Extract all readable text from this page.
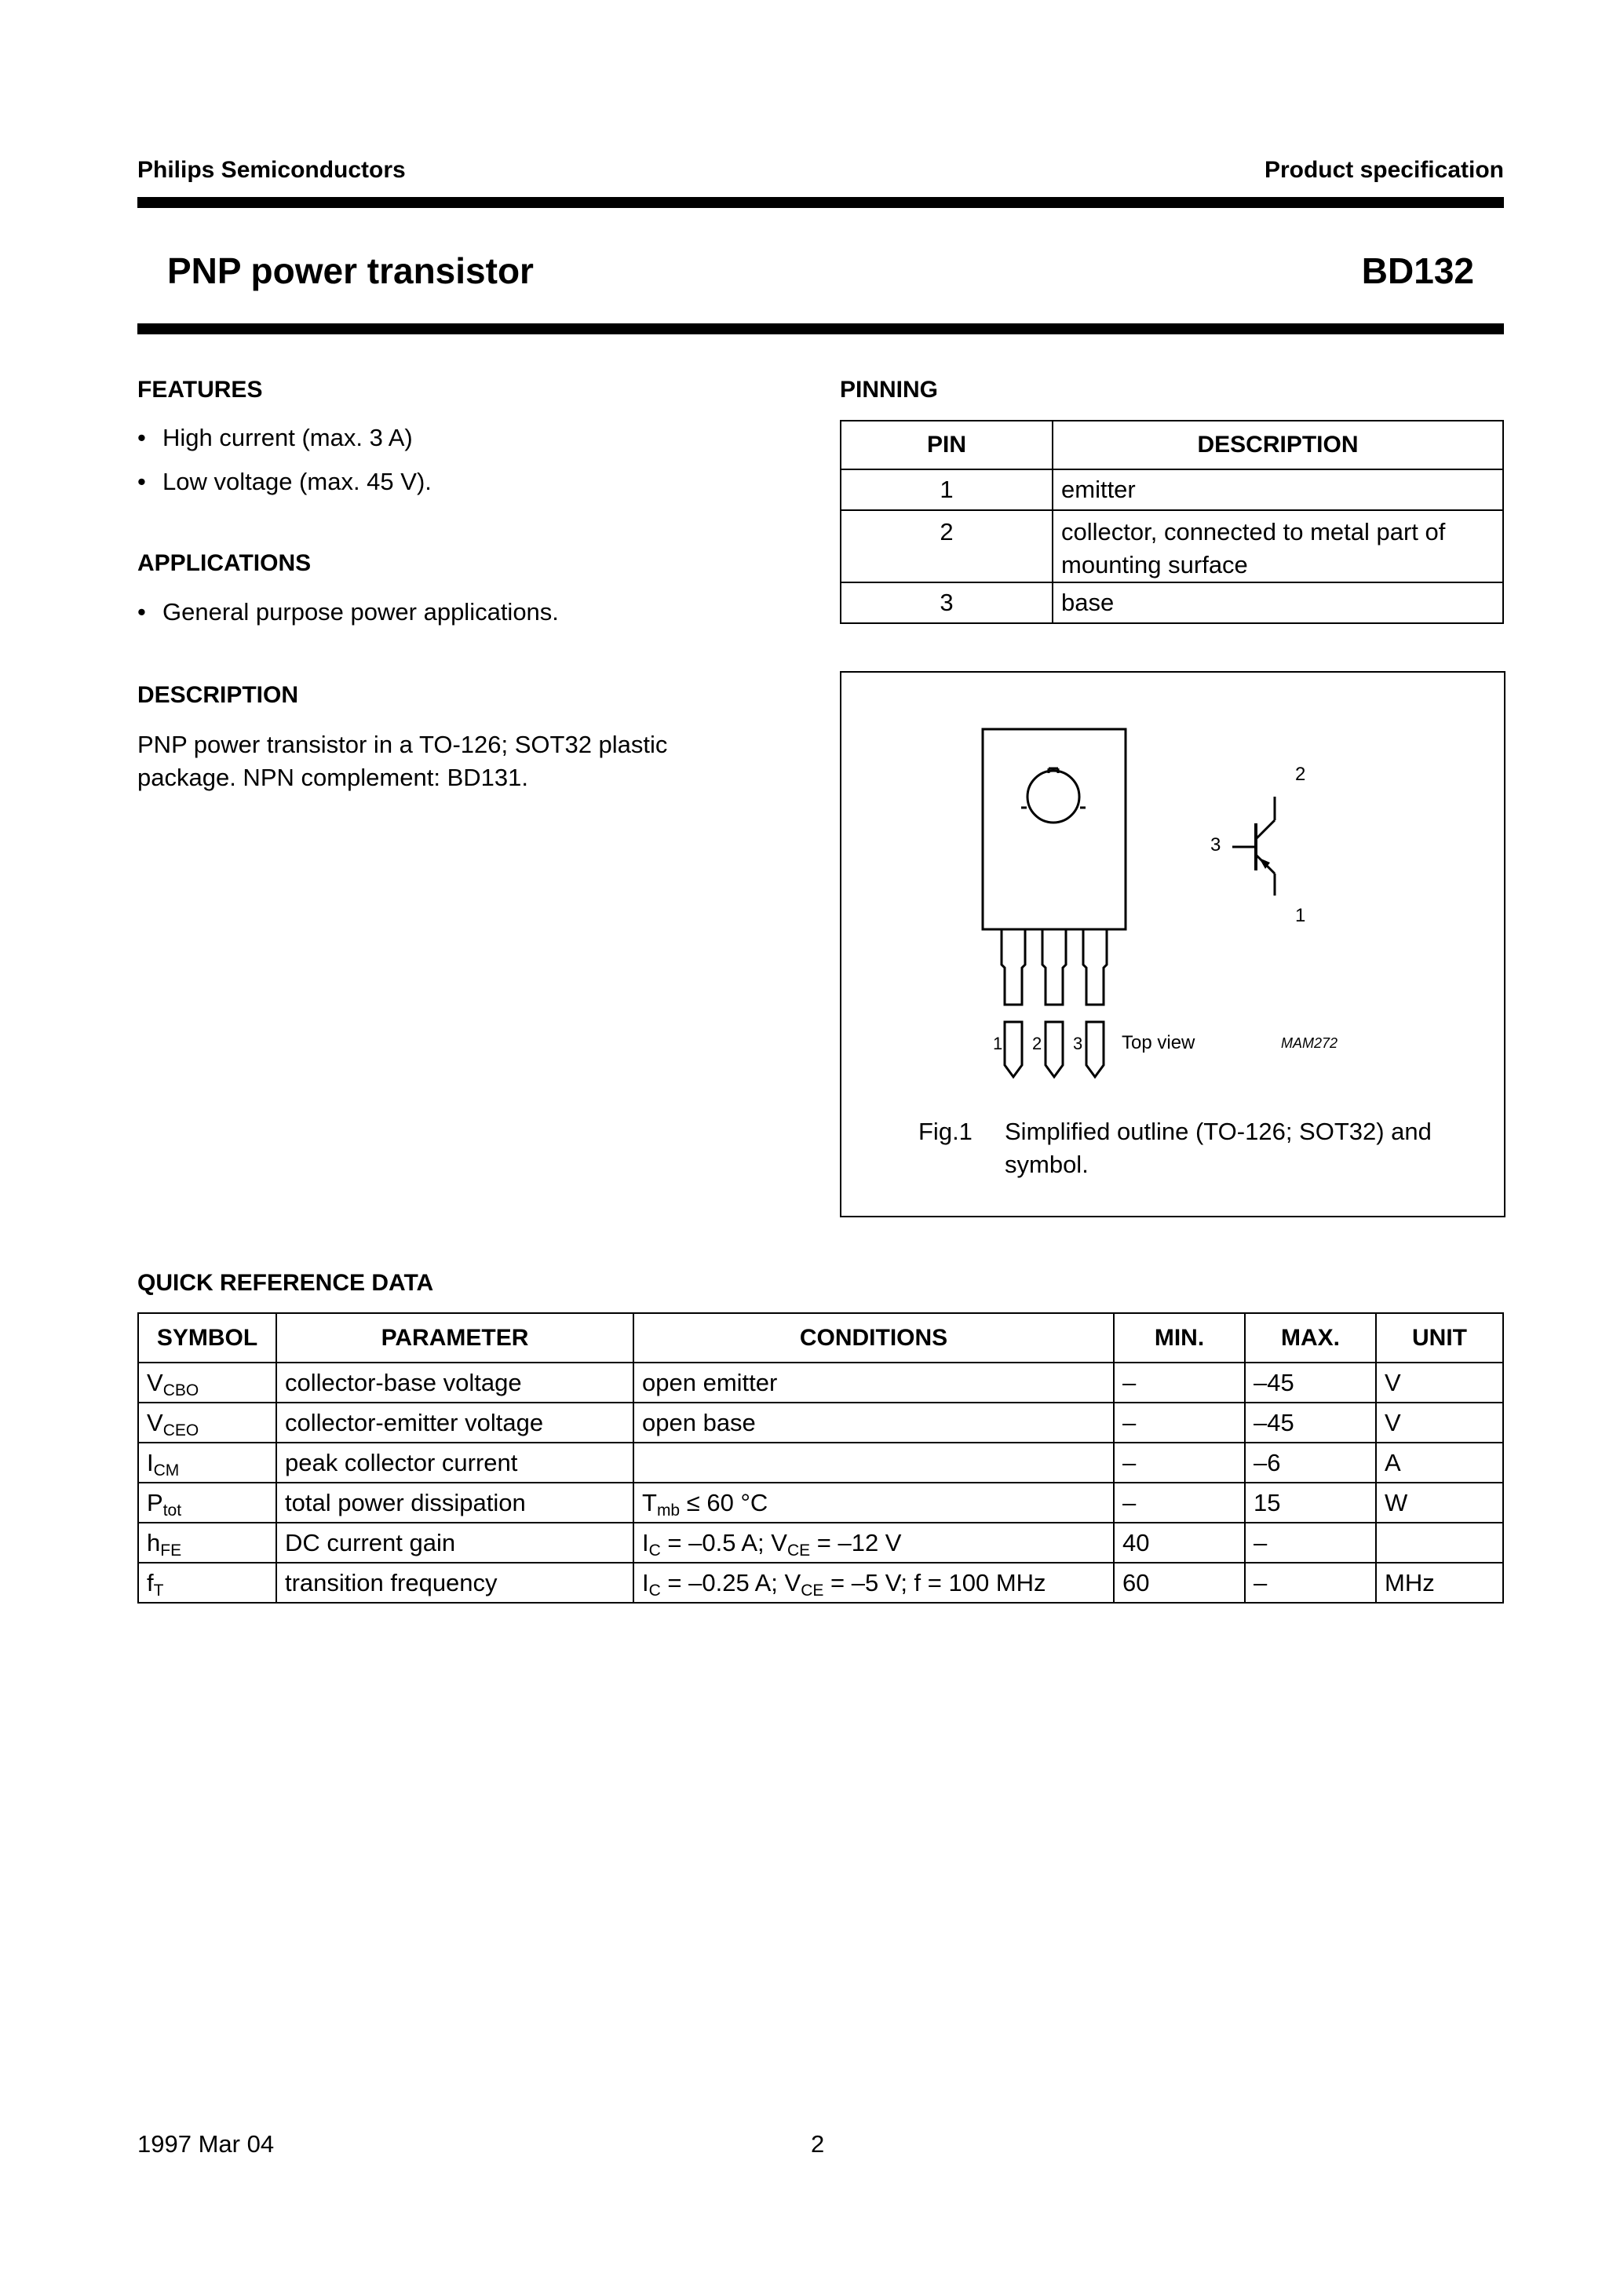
Philips Semiconductors	Product specification
PNP power transistor	BD132
FEATURES
• High current (max. 3 A)
• Low voltage (max. 45 V).
APPLICATIONS
• General purpose power applications.
DESCRIPTION
PNP power transistor in a TO-126; SOT32 plastic package. NPN complement: BD131.
PINNING
PIN	DESCRIPTION
1	emitter
2	collector, connected to metal part of mounting surface
3	base
1 2 3 Top view	MAM272
2
3
1
Fig.1 Simplified outline (TO-126; SOT32) and symbol.
QUICK REFERENCE DATA
SYMBOL	PARAMETER	CONDITIONS	MIN.	MAX.	UNIT
$V_{CBO}$	collector-base voltage	open emitter	–	–45	V
$V_{CEO}$	collector-emitter voltage	open base	–	–45	V
$I_{CM}$	peak collector current		–	–6	A
$P_{tot}$	total power dissipation	$T_{mb} \le 60$ °C	–	15	W
$h_{FE}$	DC current gain	$I_C = -0.5$ A; $V_{CE} = -12$ V	40	–	
$f_T$	transition frequency	$I_C = -0.25$ A; $V_{CE} = -5$ V; f = 100 MHz	60	–	MHz
1997 Mar 04	2
